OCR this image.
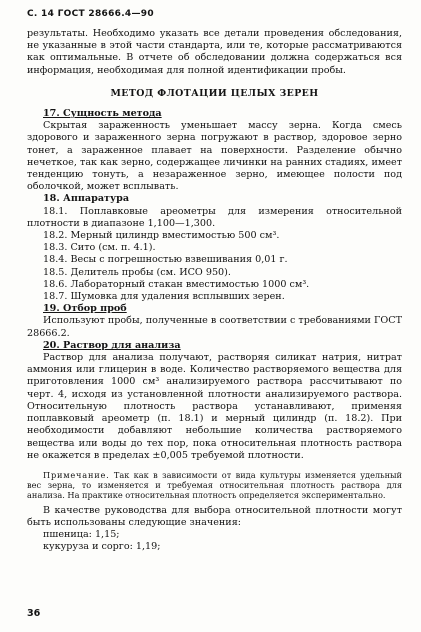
С. 14 ГОСТ 28666.4—90

результаты. Необходимо указать все детали проведения обследования, не указанные в этой части стандарта, или те, которые рассматриваются как оптимальные. В отчете об обследовании должна содержаться вся информация, необходимая для полной идентификации пробы.

МЕТОД ФЛОТАЦИИ ЦЕЛЫХ ЗЕРЕН

17. Сущность метода

Скрытая зараженность уменьшает массу зерна. Когда смесь здорового и зараженного зерна погружают в раствор, здоровое зерно тонет, а зараженное плавает на поверхности. Разделение обычно нечеткое, так как зерно, содержащее личинки на ранних стадиях, имеет тенденцию тонуть, а незараженное зерно, имеющее полости под оболочкой, может всплывать.

18. Аппаратура

18.1. Поплавковые ареометры для измерения относительной плотности в диапазоне 1,100—1,300.

18.2. Мерный цилиндр вместимостью 500 см³.

18.3. Сито (см. п. 4.1).

18.4. Весы с погрешностью взвешивания 0,01 г.

18.5. Делитель пробы (см. ИСО 950).

18.6. Лабораторный стакан вместимостью 1000 см³.

18.7. Шумовка для удаления всплывших зерен.

19. Отбор проб

Используют пробы, полученные в соответствии с требованиями ГОСТ 28666.2.

20. Раствор для анализа

Раствор для анализа получают, растворяя силикат натрия, нитрат аммония или глицерин в воде. Количество растворяемого вещества для приготовления 1000 см³ анализируемого раствора рассчитывают по черт. 4, исходя из установленной плотности анализируемого раствора. Относительную плотность раствора устанавливают, применяя поплавковый ареометр (п. 18.1) и мерный цилиндр (п. 18.2). При необходимости добавляют небольшие количества растворяемого вещества или воды до тех пор, пока относительная плотность раствора не окажется в пределах ±0,005 требуемой плотности.

Примечание. Так как в зависимости от вида культуры изменяется удельный вес зерна, то изменяется и требуемая относительная плотность раствора для анализа. На практике относительная плотность определяется экспериментально.

В качестве руководства для выбора относительной плотности могут быть использованы следующие значения:

пшеница: 1,15;

кукуруза и сорго: 1,19;

36
